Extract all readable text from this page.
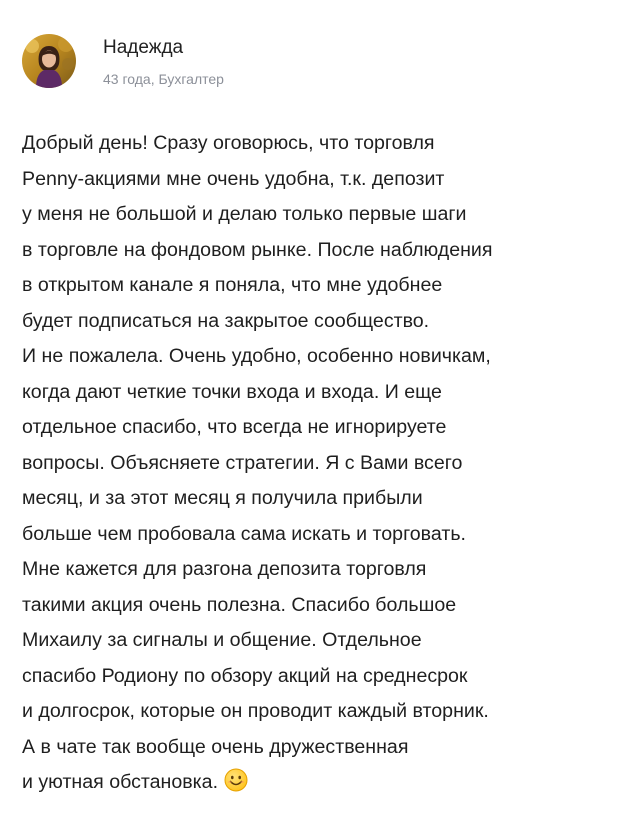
Надежда
43 года, Бухгалтер
Добрый день! Сразу оговорюсь, что торговля
Penny-акциями мне очень удобна, т.к. депозит
у меня не большой и делаю только первые шаги
в торговле на фондовом рынке. После наблюдения
в открытом канале я поняла, что мне удобнее
будет подписаться на закрытое сообщество.
И не пожалела. Очень удобно, особенно новичкам,
когда дают четкие точки входа и входа. И еще
отдельное спасибо, что всегда не игнорируете
вопросы. Объясняете стратегии. Я с Вами всего
месяц, и за этот месяц я получила прибыли
больше чем пробовала сама искать и торговать.
Мне кажется для разгона депозита торговля
такими акция очень полезна. Спасибо большое
Михаилу за сигналы и общение. Отдельное
спасибо Родиону по обзору акций на среднесрок
и долгосрок, которые он проводит каждый вторник.
А в чате так вообще очень дружественная
и уютная обстановка.
